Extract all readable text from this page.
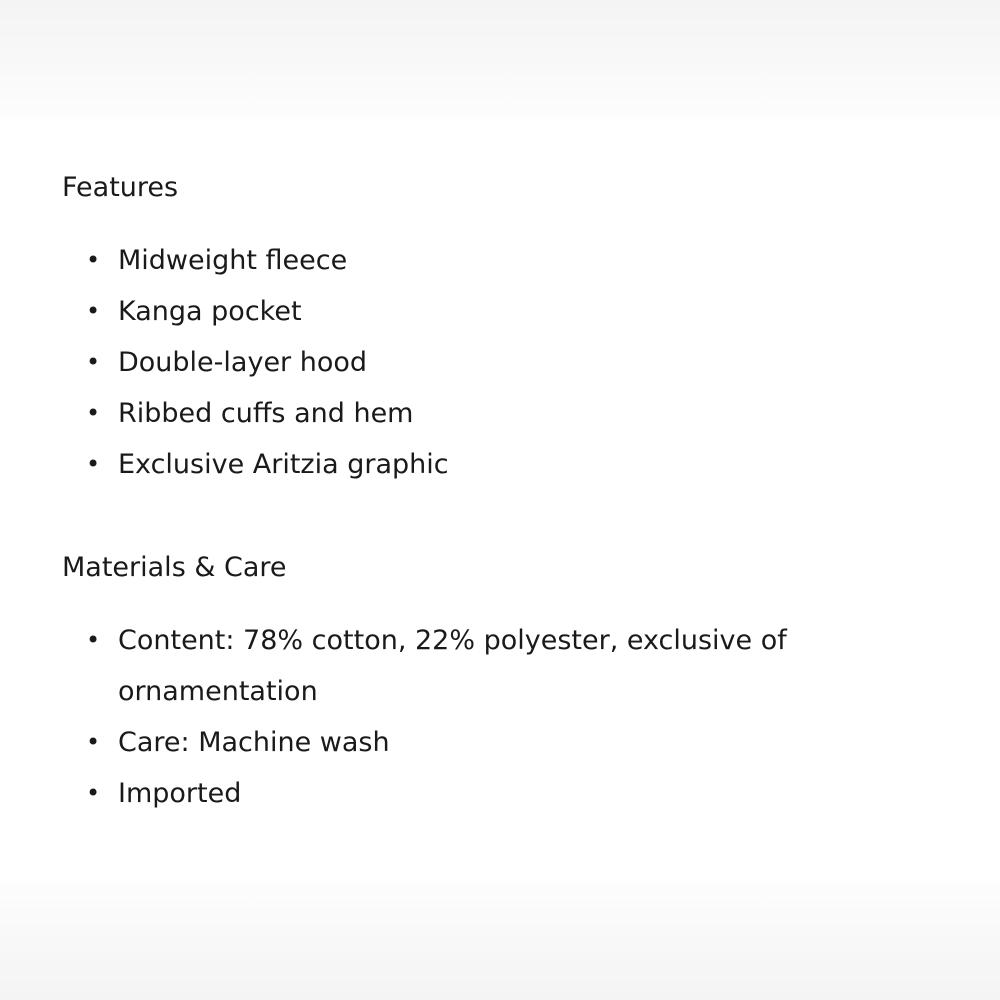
Features
• Midweight fleece
• Kanga pocket
• Double-layer hood
• Ribbed cuffs and hem
• Exclusive Aritzia graphic
Materials & Care
• Content: 78% cotton, 22% polyester, exclusive of ornamentation
• Care: Machine wash
• Imported
